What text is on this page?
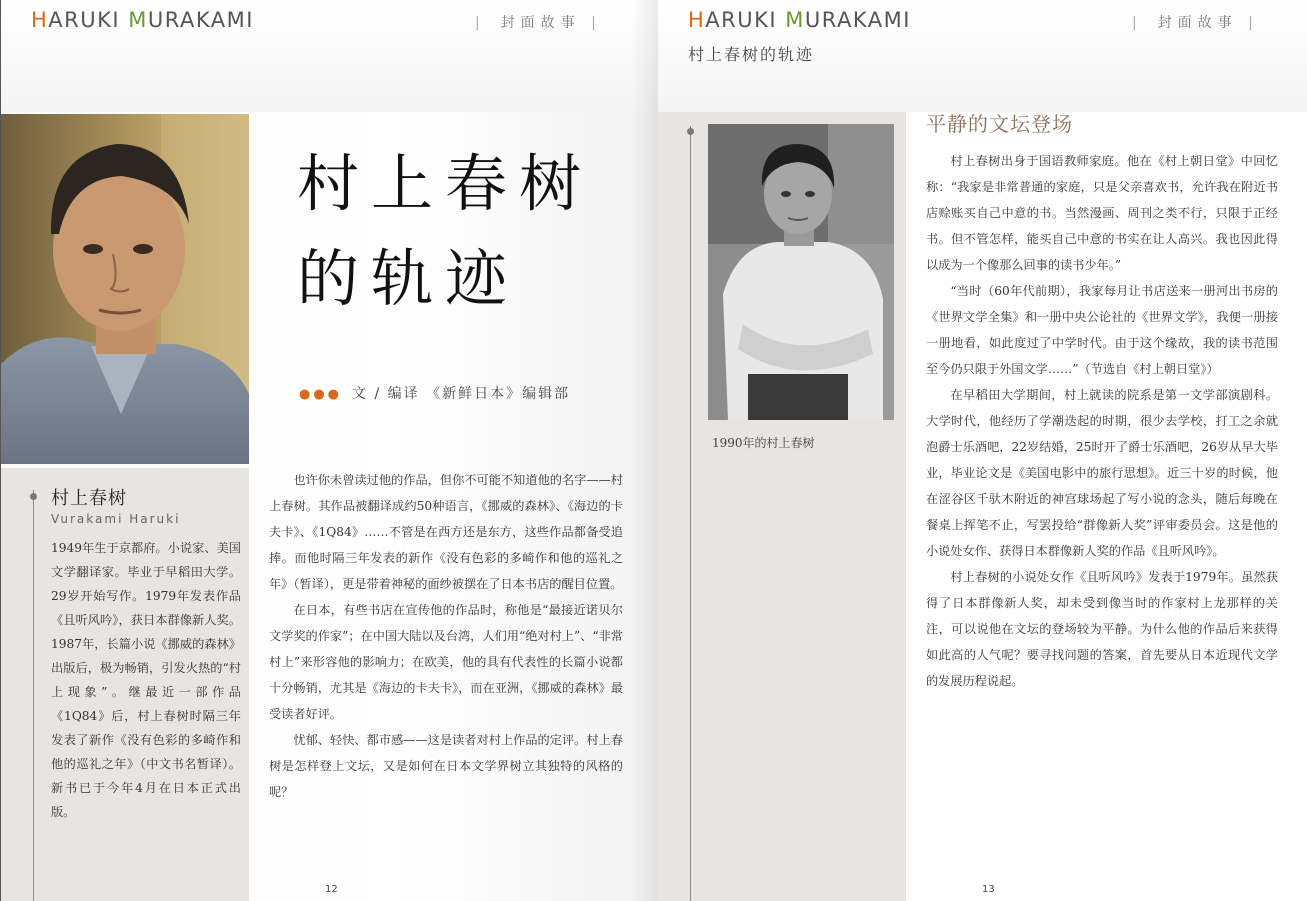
HARUKI MURAKAMI	| 封面故事 |
村上春树
Vurakami Haruki
1949年生于京都府。小说家、美国文学翻译家。毕业于早稻田大学。29岁开始写作。1979年发表作品《且听风吟》，获日本群像新人奖。1987年，长篇小说《挪威的森林》出版后，极为畅销，引发火热的“村上现象”。继最近一部作品《1Q84》后，村上春树时隔三年发表了新作《没有色彩的多崎作和他的巡礼之年》（中文书名暂译）。新书已于今年4月在日本正式出版。
村上春树
的轨迹
●●● 文 / 编译 《新鲜日本》编辑部

也许你未曾读过他的作品，但你不可能不知道他的名字——村上春树。其作品被翻译成约50种语言，《挪威的森林》、《海边的卡夫卡》、《1Q84》……不管是在西方还是东方，这些作品都备受追捧。而他时隔三年发表的新作《没有色彩的多崎作和他的巡礼之年》（暂译），更是带着神秘的面纱被摆在了日本书店的醒目位置。

在日本，有些书店在宣传他的作品时，称他是“最接近诺贝尔文学奖的作家”；在中国大陆以及台湾，人们用“绝对村上”、“非常村上”来形容他的影响力；在欧美，他的具有代表性的长篇小说都十分畅销，尤其是《海边的卡夫卡》，而在亚洲，《挪威的森林》最受读者好评。

忧郁、轻快、都市感——这是读者对村上作品的定评。村上春树是怎样登上文坛，又是如何在日本文学界树立其独特的风格的呢？

12
HARUKI MURAKAMI	| 封面故事 |
村上春树的轨迹
1990年的村上春树
平静的文坛登场

村上春树出身于国语教师家庭。他在《村上朝日堂》中回忆称：“我家是非常普通的家庭，只是父亲喜欢书，允许我在附近书店赊账买自己中意的书。当然漫画、周刊之类不行，只限于正经书。但不管怎样，能买自己中意的书实在让人高兴。我也因此得以成为一个像那么回事的读书少年。”

“当时（60年代前期），我家每月让书店送来一册河出书房的《世界文学全集》和一册中央公论社的《世界文学》，我便一册接一册地看，如此度过了中学时代。由于这个缘故，我的读书范围至今仍只限于外国文学……”（节选自《村上朝日堂》）

在早稻田大学期间，村上就读的院系是第一文学部演剧科。大学时代，他经历了学潮迭起的时期，很少去学校，打工之余就泡爵士乐酒吧，22岁结婚，25时开了爵士乐酒吧，26岁从早大毕业，毕业论文是《美国电影中的旅行思想》。近三十岁的时候，他在涩谷区千驮木附近的神宫球场起了写小说的念头，随后每晚在餐桌上挥笔不止，写罢投给“群像新人奖”评审委员会。这是他的小说处女作、获得日本群像新人奖的作品《且听风吟》。

村上春树的小说处女作《且听风吟》发表于1979年。虽然获得了日本群像新人奖，却未受到像当时的作家村上龙那样的关注，可以说他在文坛的登场较为平静。为什么他的作品后来获得如此高的人气呢？要寻找问题的答案，首先要从日本近现代文学的发展历程说起。

13
